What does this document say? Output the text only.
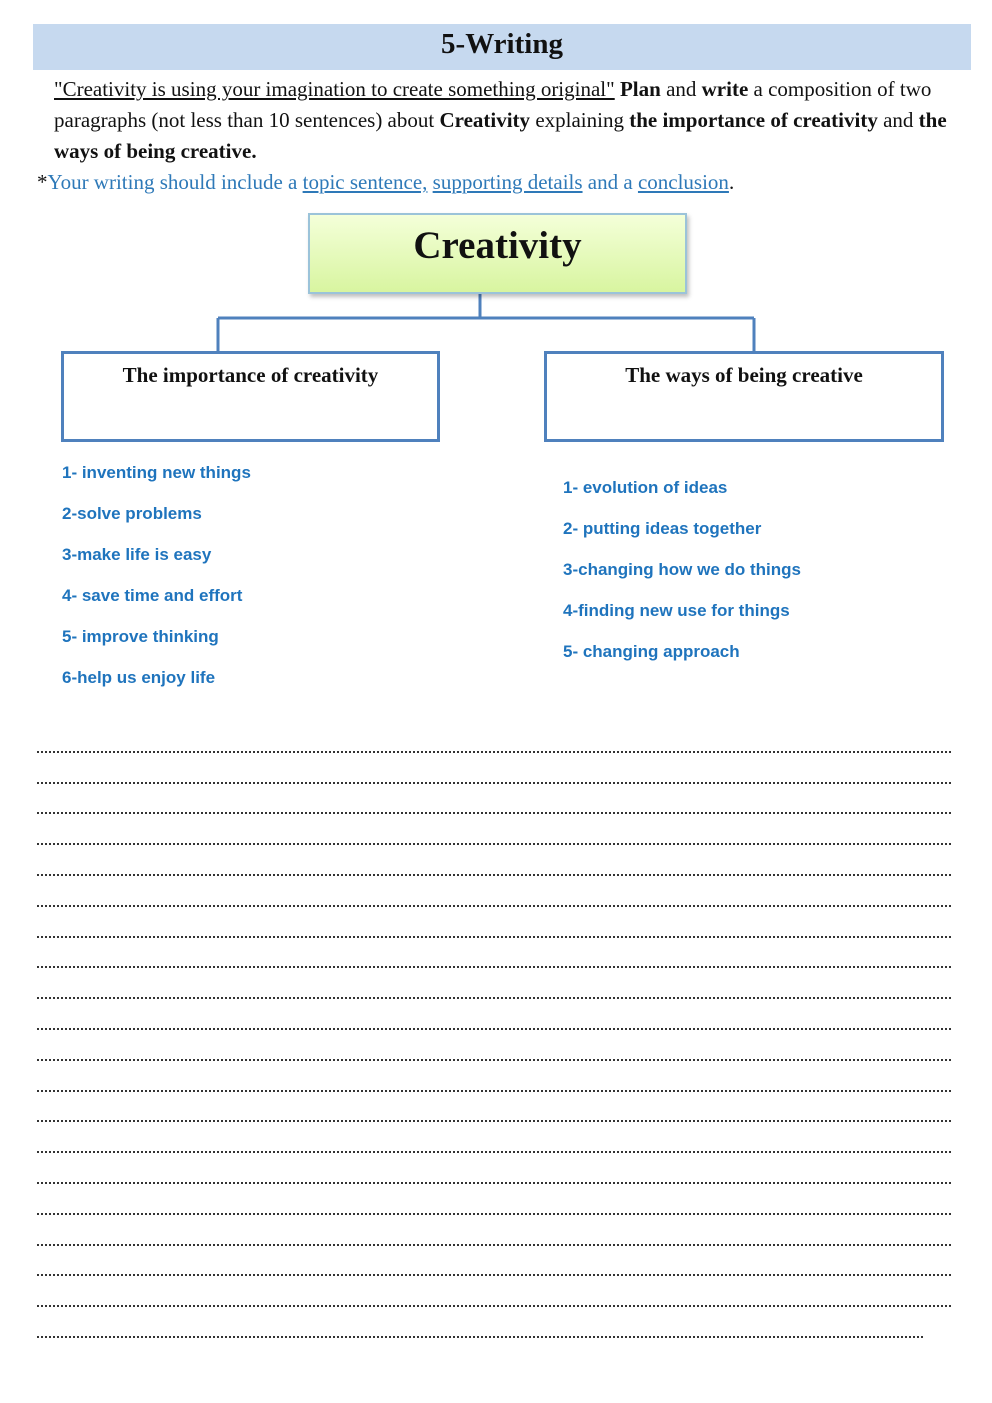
5-Writing

"Creativity is using your imagination to create something original" Plan and write a composition of two paragraphs (not less than 10 sentences) about Creativity explaining the importance of creativity and the ways of being creative.

*Your writing should include a topic sentence, supporting details and a conclusion.

Creativity
The importance of creativity	The ways of being creative
1- inventing new things
2-solve problems
3-make life is easy
4- save time and effort
5- improve thinking
6-help us enjoy life
1- evolution of ideas
2- putting ideas together
3-changing how we do things
4-finding new use for things
5- changing approach
